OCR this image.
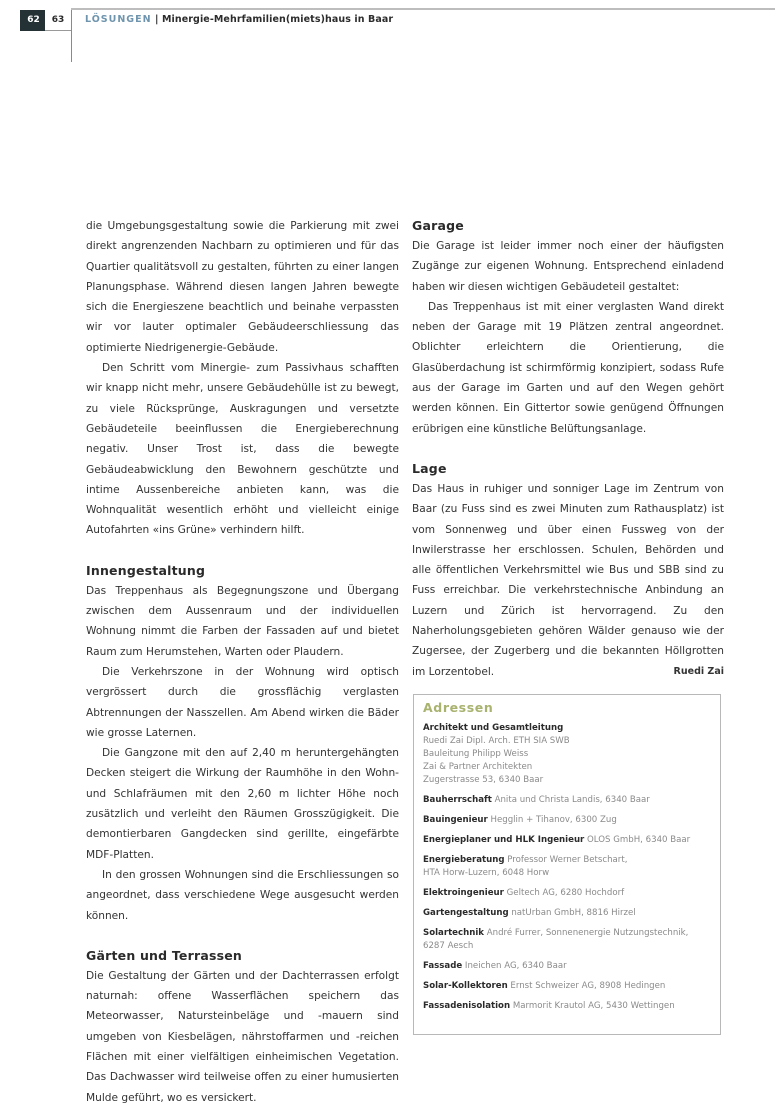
62	63	LÖSUNGEN | Minergie-Mehrfamilien(miets)haus in Baar

die Umgebungsgestaltung sowie die Parkierung mit zwei direkt angrenzenden Nachbarn zu optimieren und für das Quartier qualitätsvoll zu gestalten, führten zu einer langen Planungsphase. Während diesen langen Jahren bewegte sich die Energieszene beachtlich und beinahe verpassten wir vor lauter optimaler Gebäudeerschliessung das optimierte Niedrigenergie-Gebäude.

Den Schritt vom Minergie- zum Passivhaus schafften wir knapp nicht mehr, unsere Gebäudehülle ist zu bewegt, zu viele Rücksprünge, Auskragungen und versetzte Gebäudeteile beeinflussen die Energieberechnung negativ. Unser Trost ist, dass die bewegte Gebäudeabwicklung den Bewohnern geschützte und intime Aussenbereiche anbieten kann, was die Wohnqualität wesentlich erhöht und vielleicht einige Autofahrten «ins Grüne» verhindern hilft.

Innengestaltung

Das Treppenhaus als Begegnungszone und Übergang zwischen dem Aussenraum und der individuellen Wohnung nimmt die Farben der Fassaden auf und bietet Raum zum Herumstehen, Warten oder Plaudern.

Die Verkehrszone in der Wohnung wird optisch vergrössert durch die grossflächig verglasten Abtrennungen der Nasszellen. Am Abend wirken die Bäder wie grosse Laternen.

Die Gangzone mit den auf 2,40 m heruntergehängten Decken steigert die Wirkung der Raumhöhe in den Wohn- und Schlafräumen mit den 2,60 m lichter Höhe noch zusätzlich und verleiht den Räumen Grosszügigkeit. Die demontierbaren Gangdecken sind gerillte, eingefärbte MDF-Platten.

In den grossen Wohnungen sind die Erschliessungen so angeordnet, dass verschiedene Wege ausgesucht werden können.

Gärten und Terrassen

Die Gestaltung der Gärten und der Dachterrassen erfolgt naturnah: offene Wasserflächen speichern das Meteorwasser, Natursteinbeläge und -mauern sind umgeben von Kiesbelägen, nährstoffarmen und -reichen Flächen mit einer vielfältigen einheimischen Vegetation. Das Dachwasser wird teilweise offen zu einer humusierten Mulde geführt, wo es versickert.

Garage

Die Garage ist leider immer noch einer der häufigsten Zugänge zur eigenen Wohnung. Entsprechend einladend haben wir diesen wichtigen Gebäudeteil gestaltet:

Das Treppenhaus ist mit einer verglasten Wand direkt neben der Garage mit 19 Plätzen zentral angeordnet. Oblichter erleichtern die Orientierung, die Glasüberdachung ist schirmförmig konzipiert, sodass Rufe aus der Garage im Garten und auf den Wegen gehört werden können. Ein Gittertor sowie genügend Öffnungen erübrigen eine künstliche Belüftungsanlage.

Lage

Das Haus in ruhiger und sonniger Lage im Zentrum von Baar (zu Fuss sind es zwei Minuten zum Rathausplatz) ist vom Sonnenweg und über einen Fussweg von der Inwilerstrasse her erschlossen. Schulen, Behörden und alle öffentlichen Verkehrsmittel wie Bus und SBB sind zu Fuss erreichbar. Die verkehrstechnische Anbindung an Luzern und Zürich ist hervorragend. Zu den Naherholungsgebieten gehören Wälder genauso wie der Zugersee, der Zugerberg und die bekannten Höllgrotten im Lorzentobel.	Ruedi Zai

Adressen
Architekt und Gesamtleitung
Ruedi Zai Dipl. Arch. ETH SIA SWB
Bauleitung Philipp Weiss
Zai & Partner Architekten
Zugerstrasse 53, 6340 Baar
Bauherrschaft Anita und Christa Landis, 6340 Baar
Bauingenieur Hegglin + Tihanov, 6300 Zug
Energieplaner und HLK Ingenieur OLOS GmbH, 6340 Baar
Energieberatung Professor Werner Betschart,
HTA Horw-Luzern, 6048 Horw
Elektroingenieur Geltech AG, 6280 Hochdorf
Gartengestaltung natUrban GmbH, 8816 Hirzel
Solartechnik André Furrer, Sonnenenergie Nutzungstechnik,
6287 Aesch
Fassade Ineichen AG, 6340 Baar
Solar-Kollektoren Ernst Schweizer AG, 8908 Hedingen
Fassadenisolation Marmorit Krautol AG, 5430 Wettingen
